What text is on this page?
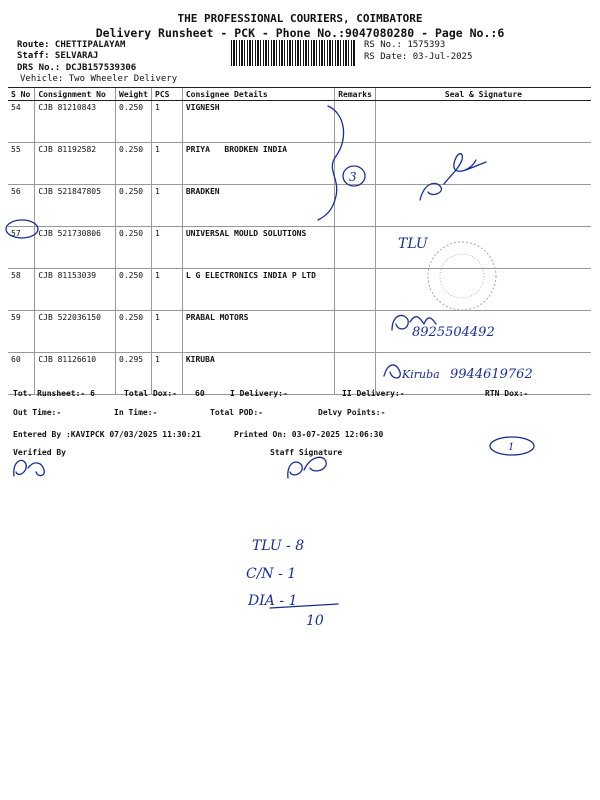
THE PROFESSIONAL COURIERS, COIMBATORE
Delivery Runsheet - PCK - Phone No.:9047080280 - Page No.:6
Route: CHETTIPALAYAM
Staff: SELVARAJ
DRS No.: DCJB157539306
Vehicle: Two Wheeler Delivery
RS No.: 1575393
RS Date: 03-Jul-2025
S No	Consignment No	Weight	PCS	Consignee Details	Remarks	Seal & Signature
54	CJB 81210843	0.250	1	VIGNESH		
55	CJB 81192582	0.250	1	PRIYA   BRODKEN INDIA		
56	CJB 521847805	0.250	1	BRADKEN		
57	CJB 521730806	0.250	1	UNIVERSAL MOULD SOLUTIONS		
58	CJB 81153039	0.250	1	L G ELECTRONICS INDIA P LTD		
59	CJB 522036150	0.250	1	PRABAL MOTORS		
60	CJB 81126610	0.295	1	KIRUBA		
Tot. Runsheet:- 6	Total Dox:- 60	I Delivery:-	II Delivery:-	RTN Dox:-
Out Time:-	In Time:-	Total POD:-	Delvy Points:-
Entered By :KAVIPCK 07/03/2025 11:30:21	Printed On: 03-07-2025 12:06:30
Verified By	Staff Signature
3
TLU
8925504492
Kiruba 9944619762
1
TLU - 8
C/N - 1
DIA - 1
10
